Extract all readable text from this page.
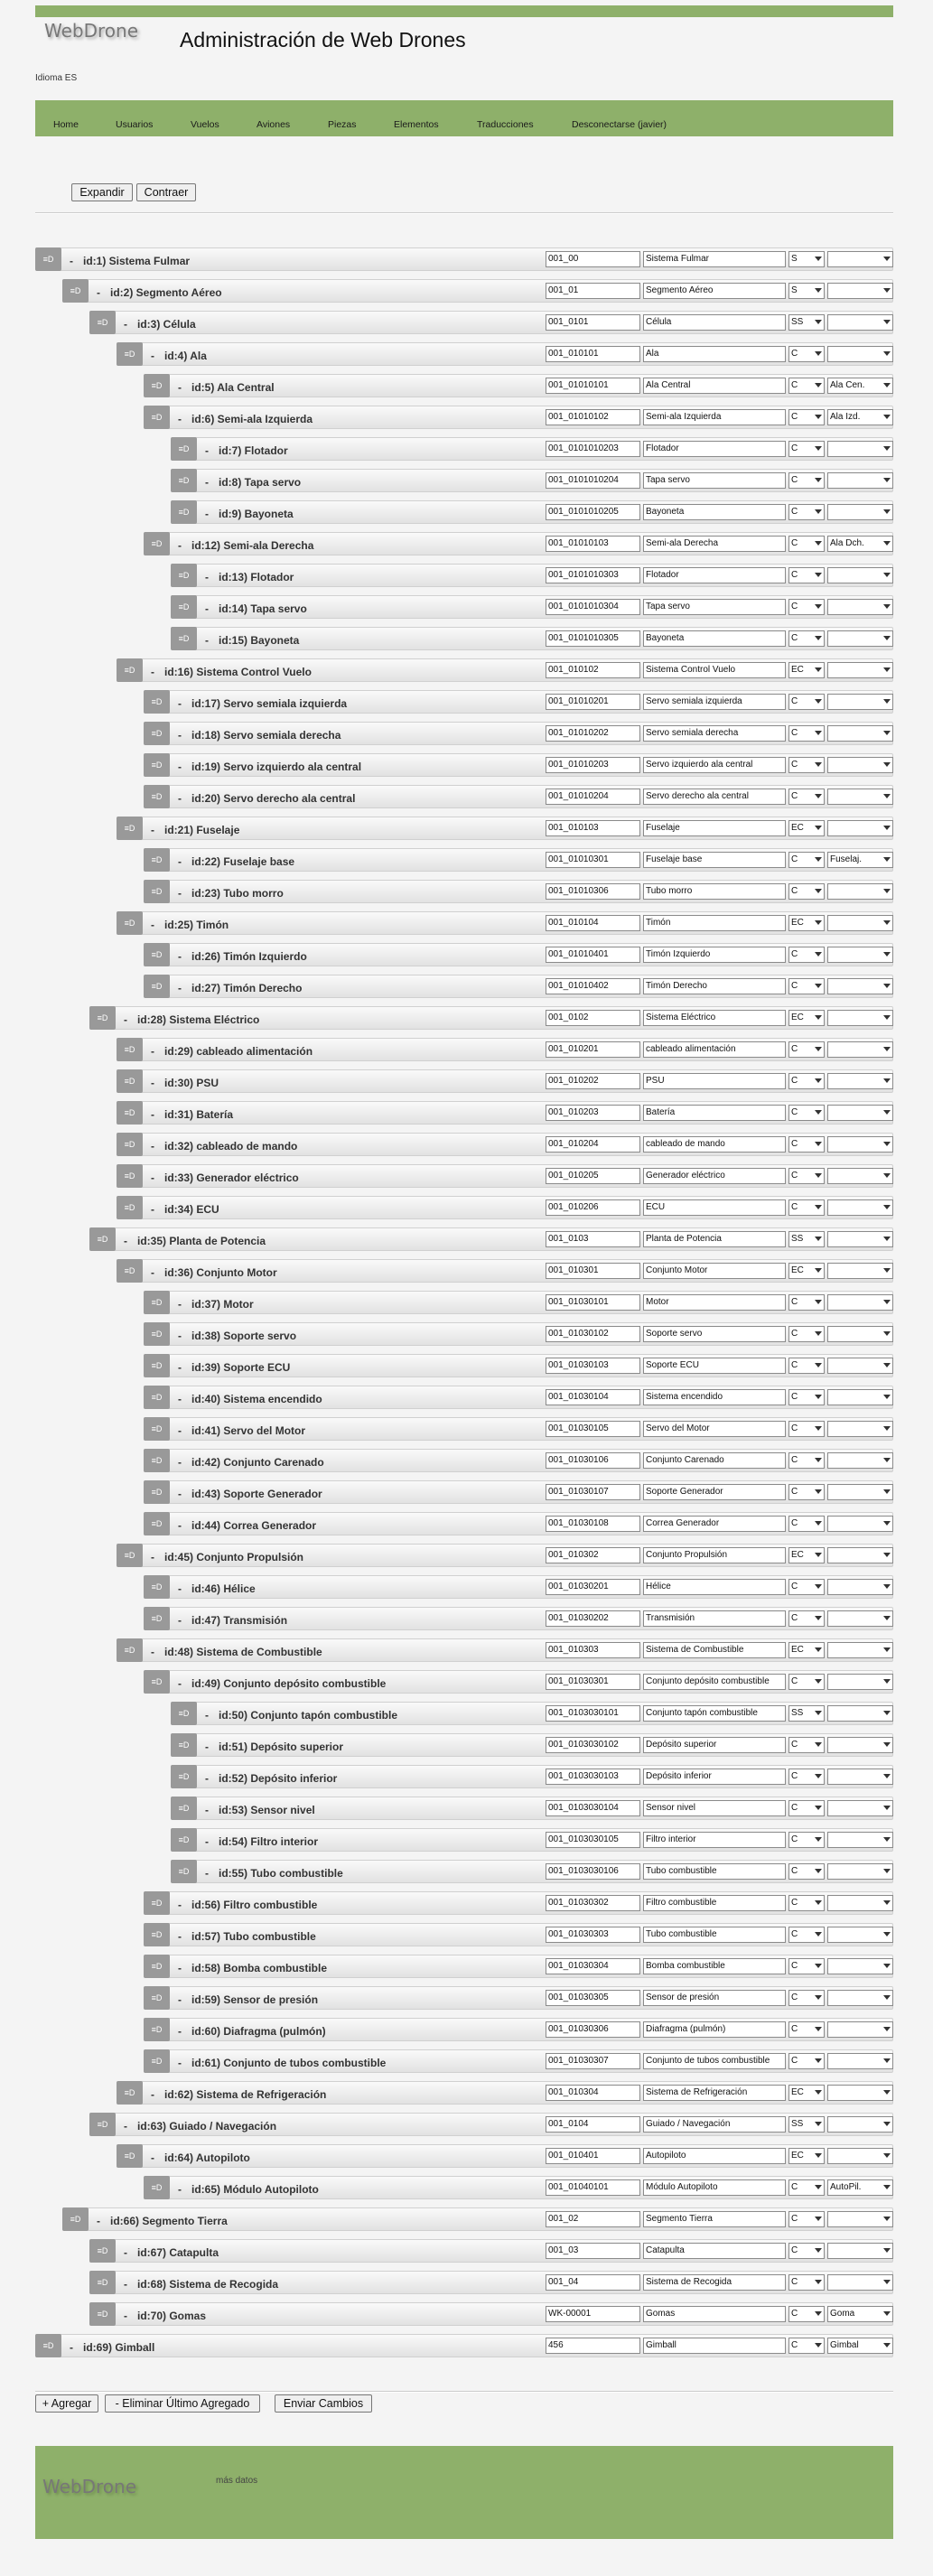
WebDrone Administración de Web Drones
Idioma ES
Home	Usuarios	Vuelos	Aviones	Piezas	Elementos	Traducciones	Desconectarse (javier)
Expandir	Contraer
≡D	- id:1) Sistema Fulmar	001_00	Sistema Fulmar	S
≡D	- id:2) Segmento Aéreo	001_01	Segmento Aéreo	S
≡D	- id:3) Célula	001_0101	Célula	SS
≡D	- id:4) Ala	001_010101	Ala	C
≡D	- id:5) Ala Central	001_01010101	Ala Central	C	Ala Cen.
≡D	- id:6) Semi-ala Izquierda	001_01010102	Semi-ala Izquierda	C	Ala Izd.
≡D	- id:7) Flotador	001_0101010203	Flotador	C
≡D	- id:8) Tapa servo	001_0101010204	Tapa servo	C
≡D	- id:9) Bayoneta	001_0101010205	Bayoneta	C
≡D	- id:12) Semi-ala Derecha	001_01010103	Semi-ala Derecha	C	Ala Dch.
≡D	- id:13) Flotador	001_0101010303	Flotador	C
≡D	- id:14) Tapa servo	001_0101010304	Tapa servo	C
≡D	- id:15) Bayoneta	001_0101010305	Bayoneta	C
≡D	- id:16) Sistema Control Vuelo	001_010102	Sistema Control Vuelo	EC
≡D	- id:17) Servo semiala izquierda	001_01010201	Servo semiala izquierda	C
≡D	- id:18) Servo semiala derecha	001_01010202	Servo semiala derecha	C
≡D	- id:19) Servo izquierdo ala central	001_01010203	Servo izquierdo ala central	C
≡D	- id:20) Servo derecho ala central	001_01010204	Servo derecho ala central	C
≡D	- id:21) Fuselaje	001_010103	Fuselaje	EC
≡D	- id:22) Fuselaje base	001_01010301	Fuselaje base	C	Fuselaj.
≡D	- id:23) Tubo morro	001_01010306	Tubo morro	C
≡D	- id:25) Timón	001_010104	Timón	EC
≡D	- id:26) Timón Izquierdo	001_01010401	Timón Izquierdo	C
≡D	- id:27) Timón Derecho	001_01010402	Timón Derecho	C
≡D	- id:28) Sistema Eléctrico	001_0102	Sistema Eléctrico	EC
≡D	- id:29) cableado alimentación	001_010201	cableado alimentación	C
≡D	- id:30) PSU	001_010202	PSU	C
≡D	- id:31) Batería	001_010203	Batería	C
≡D	- id:32) cableado de mando	001_010204	cableado de mando	C
≡D	- id:33) Generador eléctrico	001_010205	Generador eléctrico	C
≡D	- id:34) ECU	001_010206	ECU	C
≡D	- id:35) Planta de Potencia	001_0103	Planta de Potencia	SS
≡D	- id:36) Conjunto Motor	001_010301	Conjunto Motor	EC
≡D	- id:37) Motor	001_01030101	Motor	C
≡D	- id:38) Soporte servo	001_01030102	Soporte servo	C
≡D	- id:39) Soporte ECU	001_01030103	Soporte ECU	C
≡D	- id:40) Sistema encendido	001_01030104	Sistema encendido	C
≡D	- id:41) Servo del Motor	001_01030105	Servo del Motor	C
≡D	- id:42) Conjunto Carenado	001_01030106	Conjunto Carenado	C
≡D	- id:43) Soporte Generador	001_01030107	Soporte Generador	C
≡D	- id:44) Correa Generador	001_01030108	Correa Generador	C
≡D	- id:45) Conjunto Propulsión	001_010302	Conjunto Propulsión	EC
≡D	- id:46) Hélice	001_01030201	Hélice	C
≡D	- id:47) Transmisión	001_01030202	Transmisión	C
≡D	- id:48) Sistema de Combustible	001_010303	Sistema de Combustible	EC
≡D	- id:49) Conjunto depósito combustible	001_01030301	Conjunto depósito combustible	C
≡D	- id:50) Conjunto tapón combustible	001_0103030101	Conjunto tapón combustible	SS
≡D	- id:51) Depósito superior	001_0103030102	Depósito superior	C
≡D	- id:52) Depósito inferior	001_0103030103	Depósito inferior	C
≡D	- id:53) Sensor nivel	001_0103030104	Sensor nivel	C
≡D	- id:54) Filtro interior	001_0103030105	Filtro interior	C
≡D	- id:55) Tubo combustible	001_0103030106	Tubo combustible	C
≡D	- id:56) Filtro combustible	001_01030302	Filtro combustible	C
≡D	- id:57) Tubo combustible	001_01030303	Tubo combustible	C
≡D	- id:58) Bomba combustible	001_01030304	Bomba combustible	C
≡D	- id:59) Sensor de presión	001_01030305	Sensor de presión	C
≡D	- id:60) Diafragma (pulmón)	001_01030306	Diafragma (pulmón)	C
≡D	- id:61) Conjunto de tubos combustible	001_01030307	Conjunto de tubos combustible	C
≡D	- id:62) Sistema de Refrigeración	001_010304	Sistema de Refrigeración	EC
≡D	- id:63) Guiado / Navegación	001_0104	Guiado / Navegación	SS
≡D	- id:64) Autopiloto	001_010401	Autopiloto	EC
≡D	- id:65) Módulo Autopiloto	001_01040101	Módulo Autopiloto	C	AutoPil.
≡D	- id:66) Segmento Tierra	001_02	Segmento Tierra	C
≡D	- id:67) Catapulta	001_03	Catapulta	C
≡D	- id:68) Sistema de Recogida	001_04	Sistema de Recogida	C
≡D	- id:70) Gomas	WK-00001	Gomas	C	Goma
≡D	- id:69) Gimball	456	Gimball	C	Gimbal
+ Agregar	- Eliminar Último Agregado	Enviar Cambios
WebDrone	más datos
